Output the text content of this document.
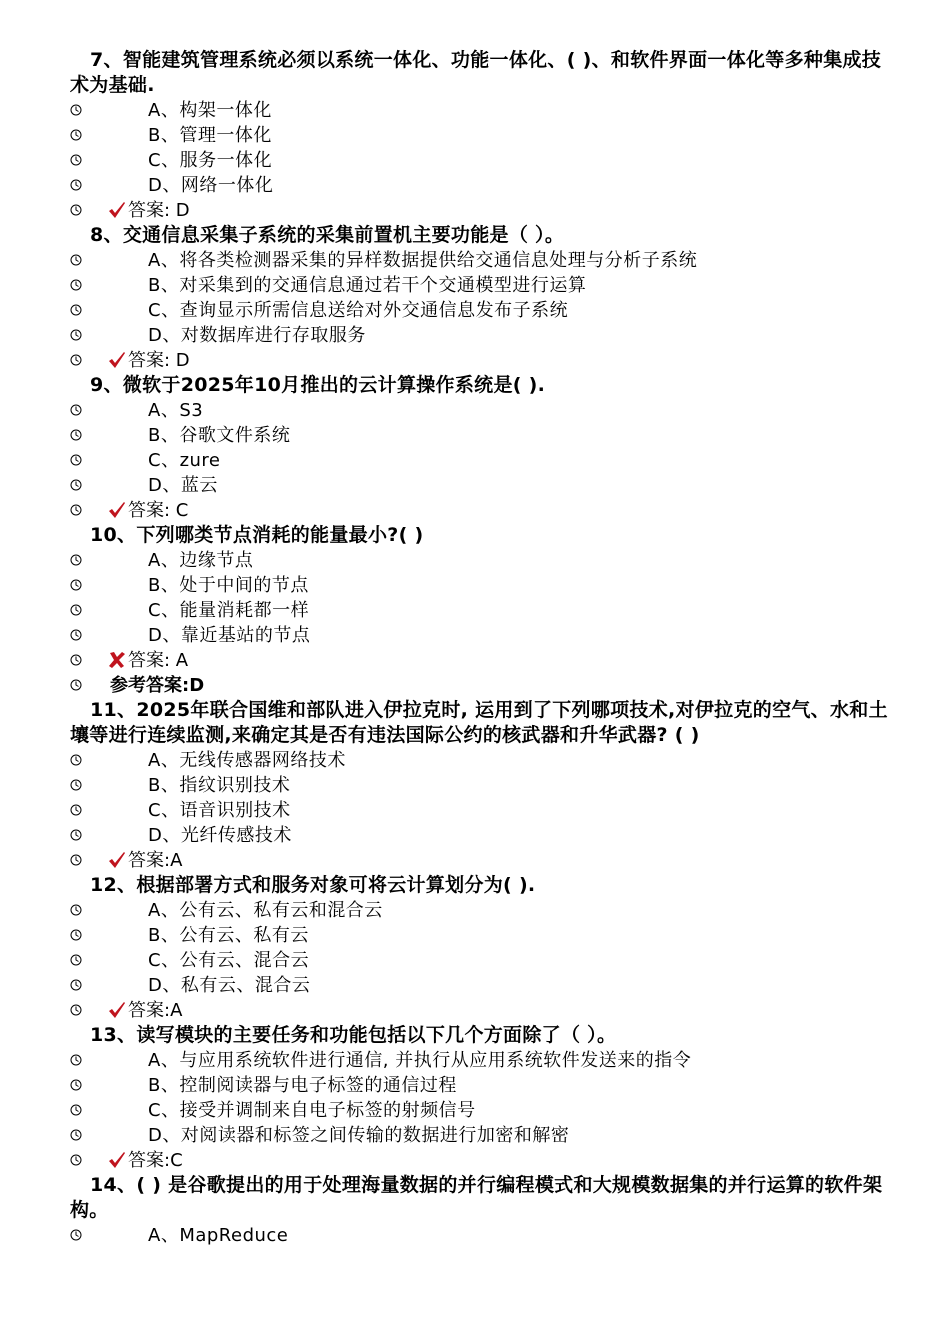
7、智能建筑管理系统必须以系统一体化、功能一体化、( )、和软件界面一体化等多种集成技术为基础.
A、构架一体化
B、管理一体化
C、服务一体化
D、网络一体化
答案: D
8、交通信息采集子系统的采集前置机主要功能是（ ）。
A、将各类检测器采集的异样数据提供给交通信息处理与分析子系统
B、对采集到的交通信息通过若干个交通模型进行运算
C、查询显示所需信息送给对外交通信息发布子系统
D、对数据库进行存取服务
答案: D
9、微软于2025年10月推出的云计算操作系统是( ).
A、S3
B、谷歌文件系统
C、zure
D、蓝云
答案: C
10、下列哪类节点消耗的能量最小?( )
A、边缘节点
B、处于中间的节点
C、能量消耗都一样
D、靠近基站的节点
答案: A
参考答案:D
11、2025年联合国维和部队进入伊拉克时, 运用到了下列哪项技术,对伊拉克的空气、水和土壤等进行连续监测,来确定其是否有违法国际公约的核武器和升华武器? ( )
A、无线传感器网络技术
B、指纹识别技术
C、语音识别技术
D、光纤传感技术
答案:A
12、根据部署方式和服务对象可将云计算划分为( ).
A、公有云、私有云和混合云
B、公有云、私有云
C、公有云、混合云
D、私有云、混合云
答案:A
13、读写模块的主要任务和功能包括以下几个方面除了（ ）。
A、与应用系统软件进行通信, 并执行从应用系统软件发送来的指令
B、控制阅读器与电子标签的通信过程
C、接受并调制来自电子标签的射频信号
D、对阅读器和标签之间传输的数据进行加密和解密
答案:C
14、( ) 是谷歌提出的用于处理海量数据的并行编程模式和大规模数据集的并行运算的软件架构。
A、MapReduce
